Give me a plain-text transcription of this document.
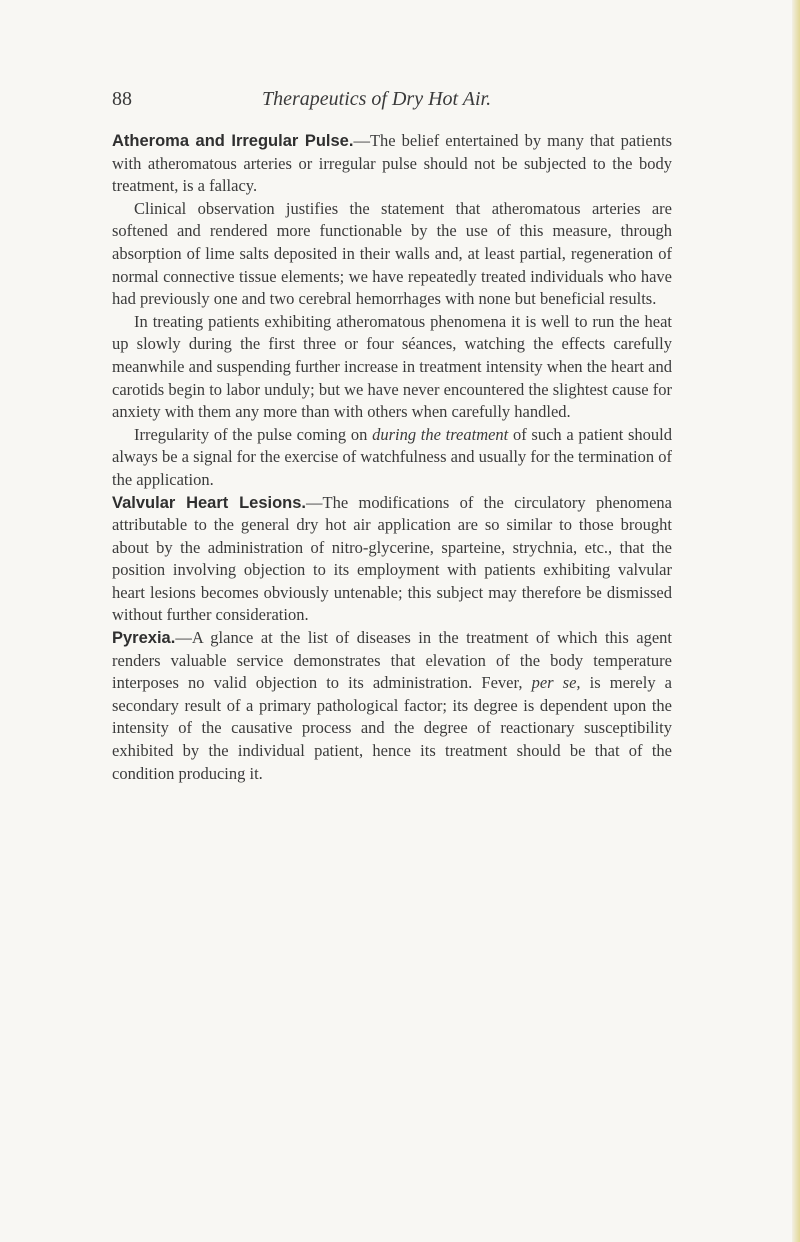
88	Therapeutics of Dry Hot Air.

Atheroma and Irregular Pulse.—The belief entertained by many that patients with atheromatous arteries or irregular pulse should not be subjected to the body treatment, is a fallacy.

Clinical observation justifies the statement that atheromatous arteries are softened and rendered more functionable by the use of this measure, through absorption of lime salts deposited in their walls and, at least partial, regeneration of normal connective tissue elements; we have repeatedly treated individuals who have had previously one and two cerebral hemorrhages with none but beneficial results.

In treating patients exhibiting atheromatous phenomena it is well to run the heat up slowly during the first three or four séances, watching the effects carefully meanwhile and suspending further increase in treatment intensity when the heart and carotids begin to labor unduly; but we have never encountered the slightest cause for anxiety with them any more than with others when carefully handled.

Irregularity of the pulse coming on during the treatment of such a patient should always be a signal for the exercise of watchfulness and usually for the termination of the application.

Valvular Heart Lesions.—The modifications of the circulatory phenomena attributable to the general dry hot air application are so similar to those brought about by the administration of nitro-glycerine, sparteine, strychnia, etc., that the position involving objection to its employment with patients exhibiting valvular heart lesions becomes obviously untenable; this subject may therefore be dismissed without further consideration.

Pyrexia.—A glance at the list of diseases in the treatment of which this agent renders valuable service demonstrates that elevation of the body temperature interposes no valid objection to its administration. Fever, per se, is merely a secondary result of a primary pathological factor; its degree is dependent upon the intensity of the causative process and the degree of reactionary susceptibility exhibited by the individual patient, hence its treatment should be that of the condition producing it.
